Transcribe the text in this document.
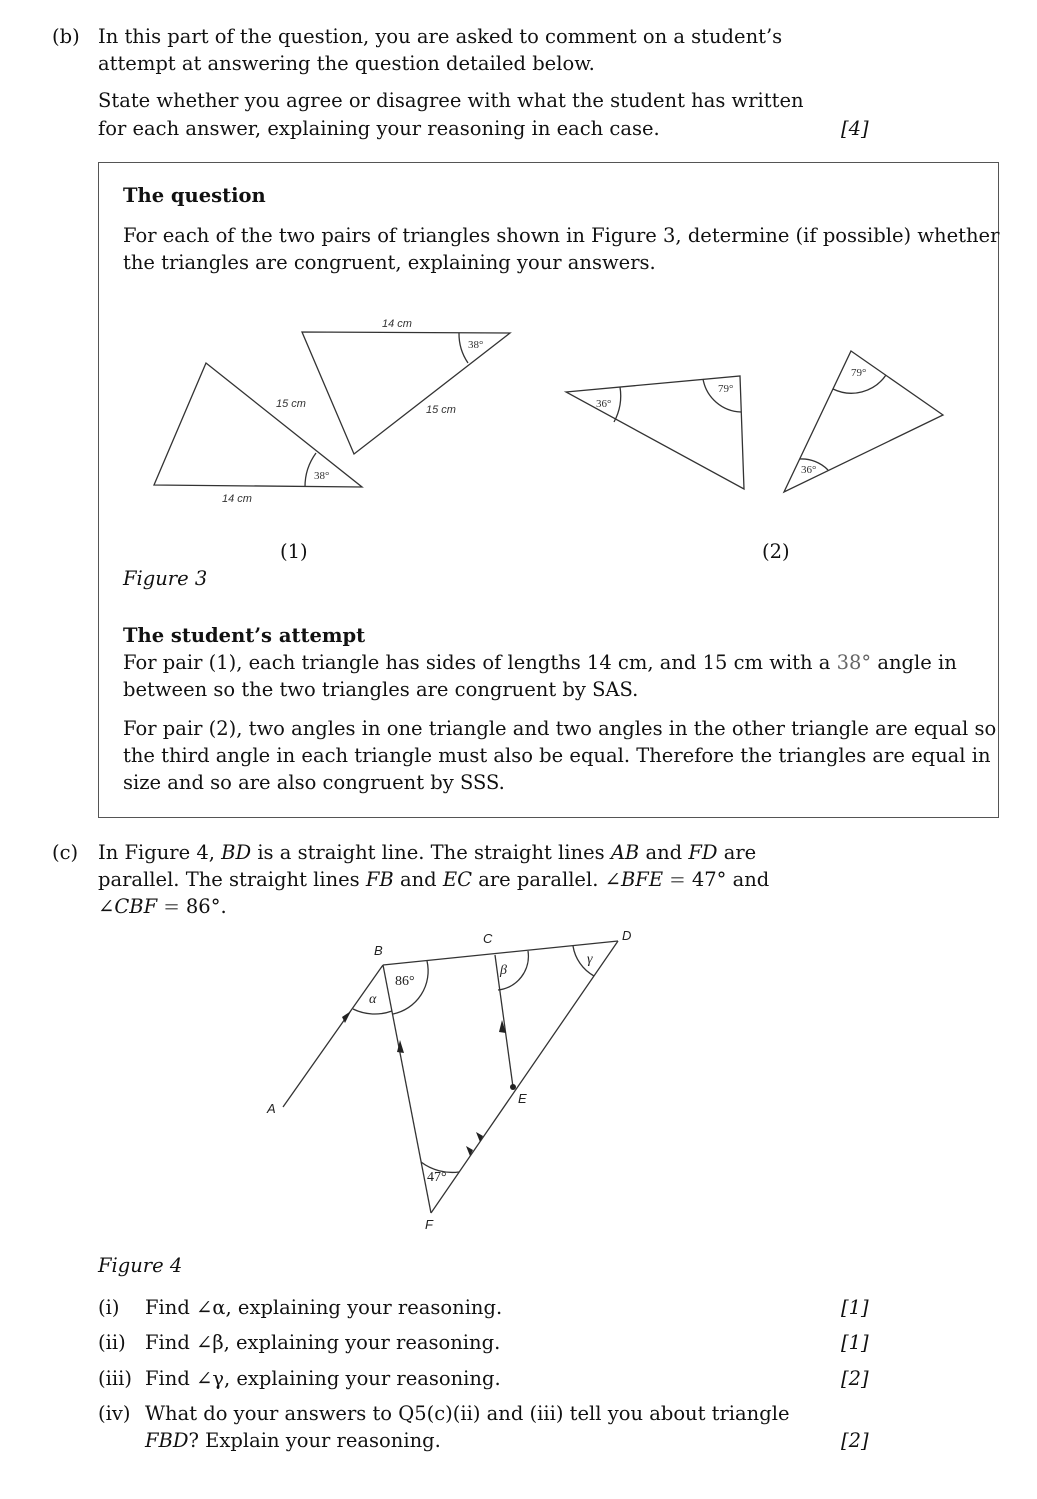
(b) In this part of the question, you are asked to comment on a student’s
attempt at answering the question detailed below.
State whether you agree or disagree with what the student has written
for each answer, explaining your reasoning in each case.	[4]
The question
For each of the two pairs of triangles shown in Figure 3, determine (if possible) whether
the triangles are congruent, explaining your answers.
14 cm
15 cm
15 cm
14 cm
38°
38°
36°
79°
79°
36°
(1)	(2)
Figure 3
The student’s attempt
For pair (1), each triangle has sides of lengths 14 cm, and 15 cm with a 38° angle in
between so the two triangles are congruent by SAS.
For pair (2), two angles in one triangle and two angles in the other triangle are equal so
the third angle in each triangle must also be equal. Therefore the triangles are equal in
size and so are also congruent by SSS.
(c) In Figure 4, BD is a straight line. The straight lines AB and FD are
parallel. The straight lines FB and EC are parallel. ∠BFE = 47° and
∠CBF = 86°.
B
C	D
A
E
F
86°
α
β
γ
47°
Figure 4
(i) Find ∠α, explaining your reasoning.	[1]
(ii) Find ∠β, explaining your reasoning.	[1]
(iii) Find ∠γ, explaining your reasoning.	[2]
(iv) What do your answers to Q5(c)(ii) and (iii) tell you about triangle
FBD? Explain your reasoning.	[2]
